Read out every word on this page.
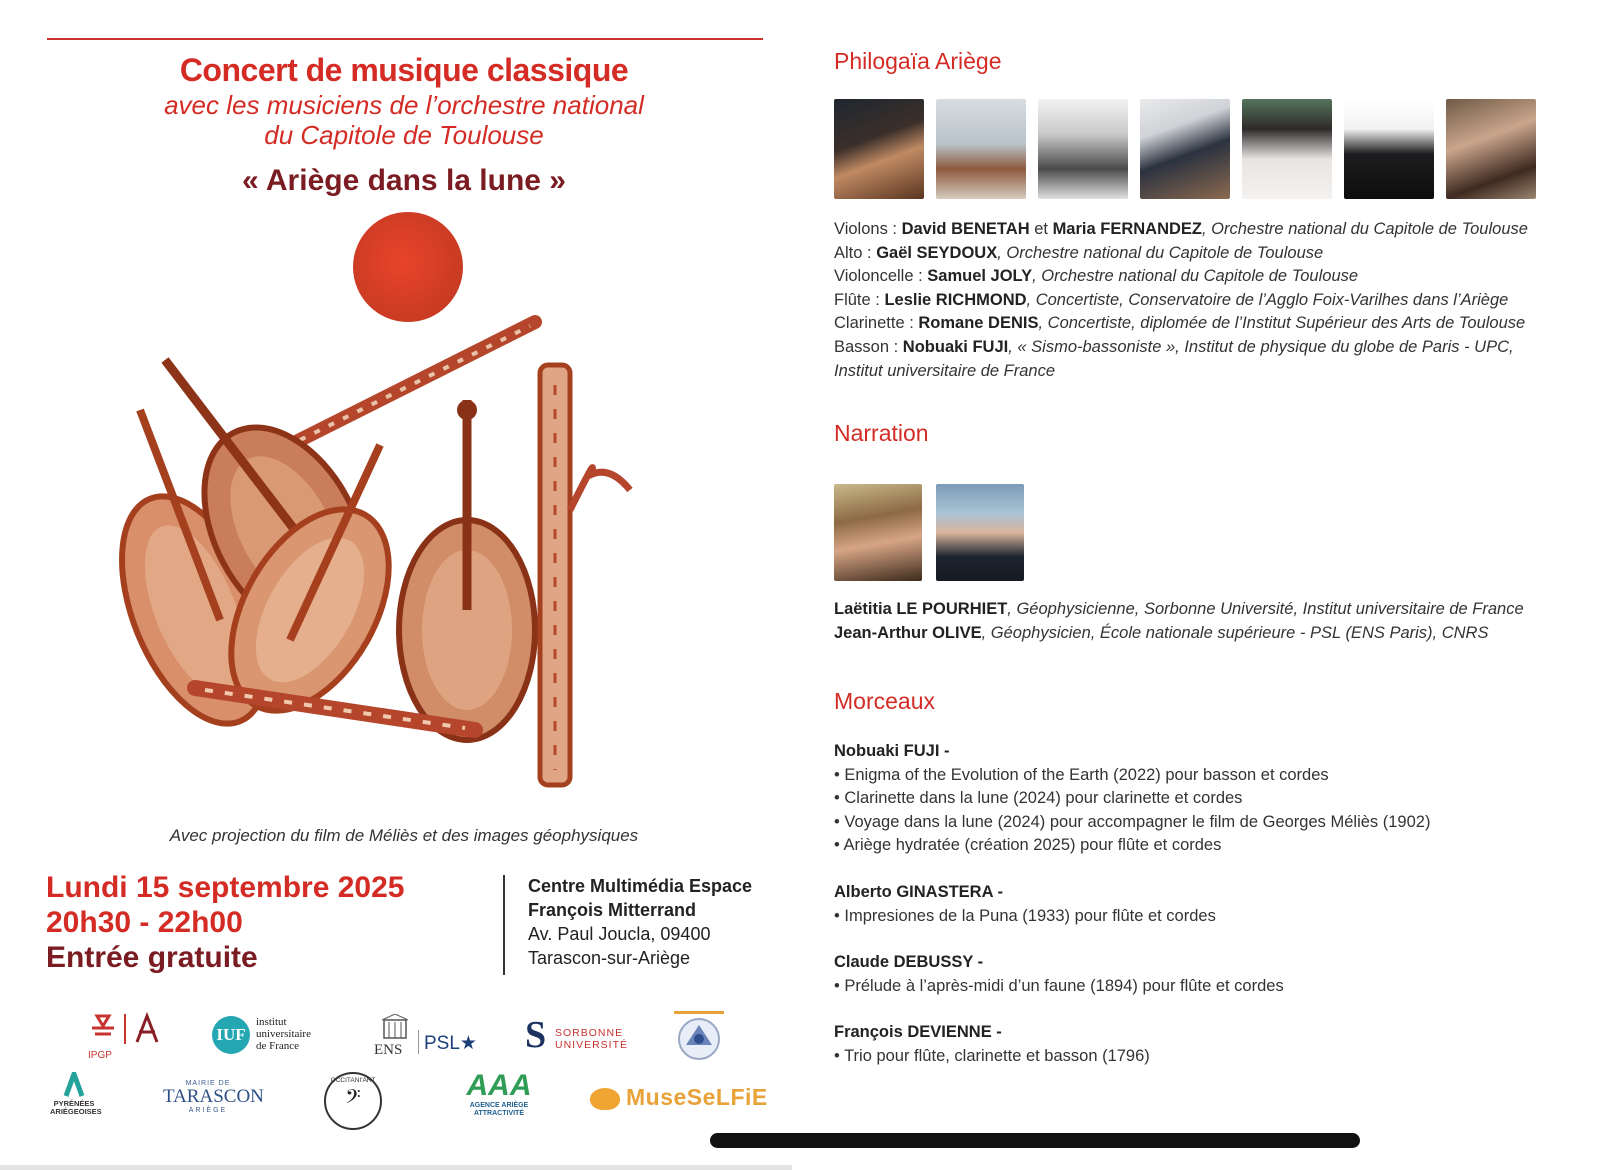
Concert de musique classique
avec les musiciens de l’orchestre national
du Capitole de Toulouse
« Ariège dans la lune »
Avec projection du film de Méliès et des images géophysiques
Lundi 15 septembre 2025
20h30 - 22h00
Entrée gratuite
Centre Multimédia Espace
François Mitterrand
Av. Paul Joucla, 09400
Tarascon-sur-Ariège
IPGP
IUF
institut
universitaire
de France	ENS PSL★ S SORBONNE
UNIVERSITÉ
PYRÉNÉES
ARIÉGEOISES
MAIRIE DE
TARASCON
ARIÈGE
OCCITANI'ART
𝄢	AAA
AGENCE ARIÈGE
ATTRACTIVITÉ
MuseSeLFiE
Philogaïa Ariège
Violons : David BENETAH et Maria FERNANDEZ, Orchestre national du Capitole de Toulouse
Alto : Gaël SEYDOUX, Orchestre national du Capitole de Toulouse
Violoncelle : Samuel JOLY, Orchestre national du Capitole de Toulouse
Flûte : Leslie RICHMOND, Concertiste, Conservatoire de l’Agglo Foix-Varilhes dans l’Ariège
Clarinette : Romane DENIS, Concertiste, diplomée de l’Institut Supérieur des Arts de Toulouse
Basson : Nobuaki FUJI, « Sismo-bassoniste », Institut de physique du globe de Paris - UPC,
Institut universitaire de France
Narration
Laëtitia LE POURHIET, Géophysicienne, Sorbonne Université, Institut universitaire de France
Jean-Arthur OLIVE, Géophysicien, École nationale supérieure - PSL (ENS Paris), CNRS
Morceaux
Nobuaki FUJI -
• Enigma of the Evolution of the Earth (2022) pour basson et cordes
• Clarinette dans la lune (2024) pour clarinette et cordes
• Voyage dans la lune (2024) pour accompagner le film de Georges Méliès (1902)
• Ariège hydratée (création 2025) pour flûte et cordes
Alberto GINASTERA -
• Impresiones de la Puna (1933) pour flûte et cordes
Claude DEBUSSY -
• Prélude à l’après-midi d’un faune (1894) pour flûte et cordes
François DEVIENNE -
• Trio pour flûte, clarinette et basson (1796)
